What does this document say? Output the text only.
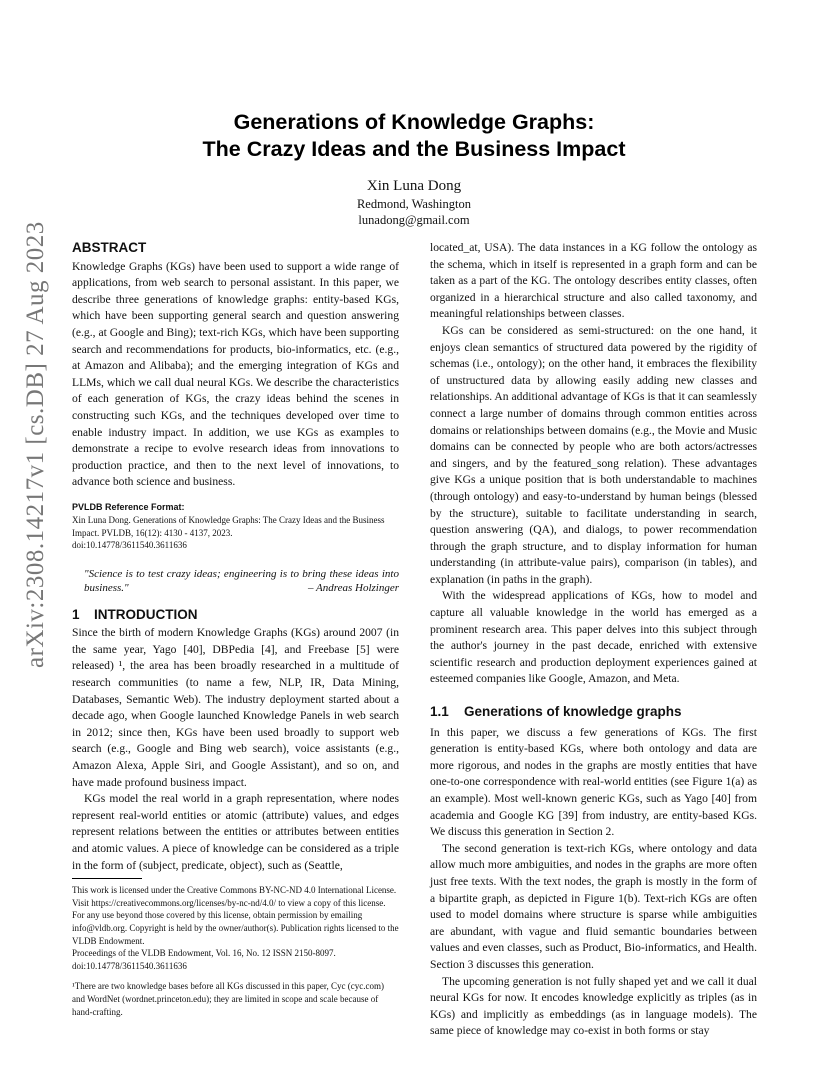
arXiv:2308.14217v1 [cs.DB] 27 Aug 2023
Generations of Knowledge Graphs:
The Crazy Ideas and the Business Impact
Xin Luna Dong
Redmond, Washington
lunadong@gmail.com
ABSTRACT

Knowledge Graphs (KGs) have been used to support a wide range of applications, from web search to personal assistant. In this paper, we describe three generations of knowledge graphs: entity-based KGs, which have been supporting general search and question answering (e.g., at Google and Bing); text-rich KGs, which have been supporting search and recommendations for products, bio-informatics, etc. (e.g., at Amazon and Alibaba); and the emerging integration of KGs and LLMs, which we call dual neural KGs. We describe the characteristics of each generation of KGs, the crazy ideas behind the scenes in constructing such KGs, and the techniques developed over time to enable industry impact. In addition, we use KGs as examples to demonstrate a recipe to evolve research ideas from innovations to production practice, and then to the next level of innovations, to advance both science and business.

PVLDB Reference Format:
Xin Luna Dong. Generations of Knowledge Graphs: The Crazy Ideas and the Business Impact. PVLDB, 16(12): 4130 - 4137, 2023.
doi:10.14778/3611540.3611636
"Science is to test crazy ideas; engineering is to bring these ideas into business."	– Andreas Holzinger
1 INTRODUCTION

Since the birth of modern Knowledge Graphs (KGs) around 2007 (in the same year, Yago [40], DBPedia [4], and Freebase [5] were released) ¹, the area has been broadly researched in a multitude of research communities (to name a few, NLP, IR, Data Mining, Databases, Semantic Web). The industry deployment started about a decade ago, when Google launched Knowledge Panels in web search in 2012; since then, KGs have been used broadly to support web search (e.g., Google and Bing web search), voice assistants (e.g., Amazon Alexa, Apple Siri, and Google Assistant), and so on, and have made profound business impact.

KGs model the real world in a graph representation, where nodes represent real-world entities or atomic (attribute) values, and edges represent relations between the entities or attributes between entities and atomic values. A piece of knowledge can be considered as a triple in the form of (subject, predicate, object), such as (Seattle,

This work is licensed under the Creative Commons BY-NC-ND 4.0 International License. Visit https://creativecommons.org/licenses/by-nc-nd/4.0/ to view a copy of this license. For any use beyond those covered by this license, obtain permission by emailing info@vldb.org. Copyright is held by the owner/author(s). Publication rights licensed to the VLDB Endowment.
Proceedings of the VLDB Endowment, Vol. 16, No. 12 ISSN 2150-8097.
doi:10.14778/3611540.3611636
¹There are two knowledge bases before all KGs discussed in this paper, Cyc (cyc.com) and WordNet (wordnet.princeton.edu); they are limited in scope and scale because of hand-crafting.

located_at, USA). The data instances in a KG follow the ontology as the schema, which in itself is represented in a graph form and can be taken as a part of the KG. The ontology describes entity classes, often organized in a hierarchical structure and also called taxonomy, and meaningful relationships between classes.

KGs can be considered as semi-structured: on the one hand, it enjoys clean semantics of structured data powered by the rigidity of schemas (i.e., ontology); on the other hand, it embraces the flexibility of unstructured data by allowing easily adding new classes and relationships. An additional advantage of KGs is that it can seamlessly connect a large number of domains through common entities across domains or relationships between domains (e.g., the Movie and Music domains can be connected by people who are both actors/actresses and singers, and by the featured_song relation). These advantages give KGs a unique position that is both understandable to machines (through ontology) and easy-to-understand by human beings (blessed by the structure), suitable to facilitate understanding in search, question answering (QA), and dialogs, to power recommendation through the graph structure, and to display information for human understanding (in attribute-value pairs), comparison (in tables), and explanation (in paths in the graph).

With the widespread applications of KGs, how to model and capture all valuable knowledge in the world has emerged as a prominent research area. This paper delves into this subject through the author's journey in the past decade, enriched with extensive scientific research and production deployment experiences gained at esteemed companies like Google, Amazon, and Meta.

1.1 Generations of knowledge graphs

In this paper, we discuss a few generations of KGs. The first generation is entity-based KGs, where both ontology and data are more rigorous, and nodes in the graphs are mostly entities that have one-to-one correspondence with real-world entities (see Figure 1(a) as an example). Most well-known generic KGs, such as Yago [40] from academia and Google KG [39] from industry, are entity-based KGs. We discuss this generation in Section 2.

The second generation is text-rich KGs, where ontology and data allow much more ambiguities, and nodes in the graphs are more often just free texts. With the text nodes, the graph is mostly in the form of a bipartite graph, as depicted in Figure 1(b). Text-rich KGs are often used to model domains where structure is sparse while ambiguities are abundant, with vague and fluid semantic boundaries between values and even classes, such as Product, Bio-informatics, and Health. Section 3 discusses this generation.

The upcoming generation is not fully shaped yet and we call it dual neural KGs for now. It encodes knowledge explicitly as triples (as in KGs) and implicitly as embeddings (as in language models). The same piece of knowledge may co-exist in both forms or stay
